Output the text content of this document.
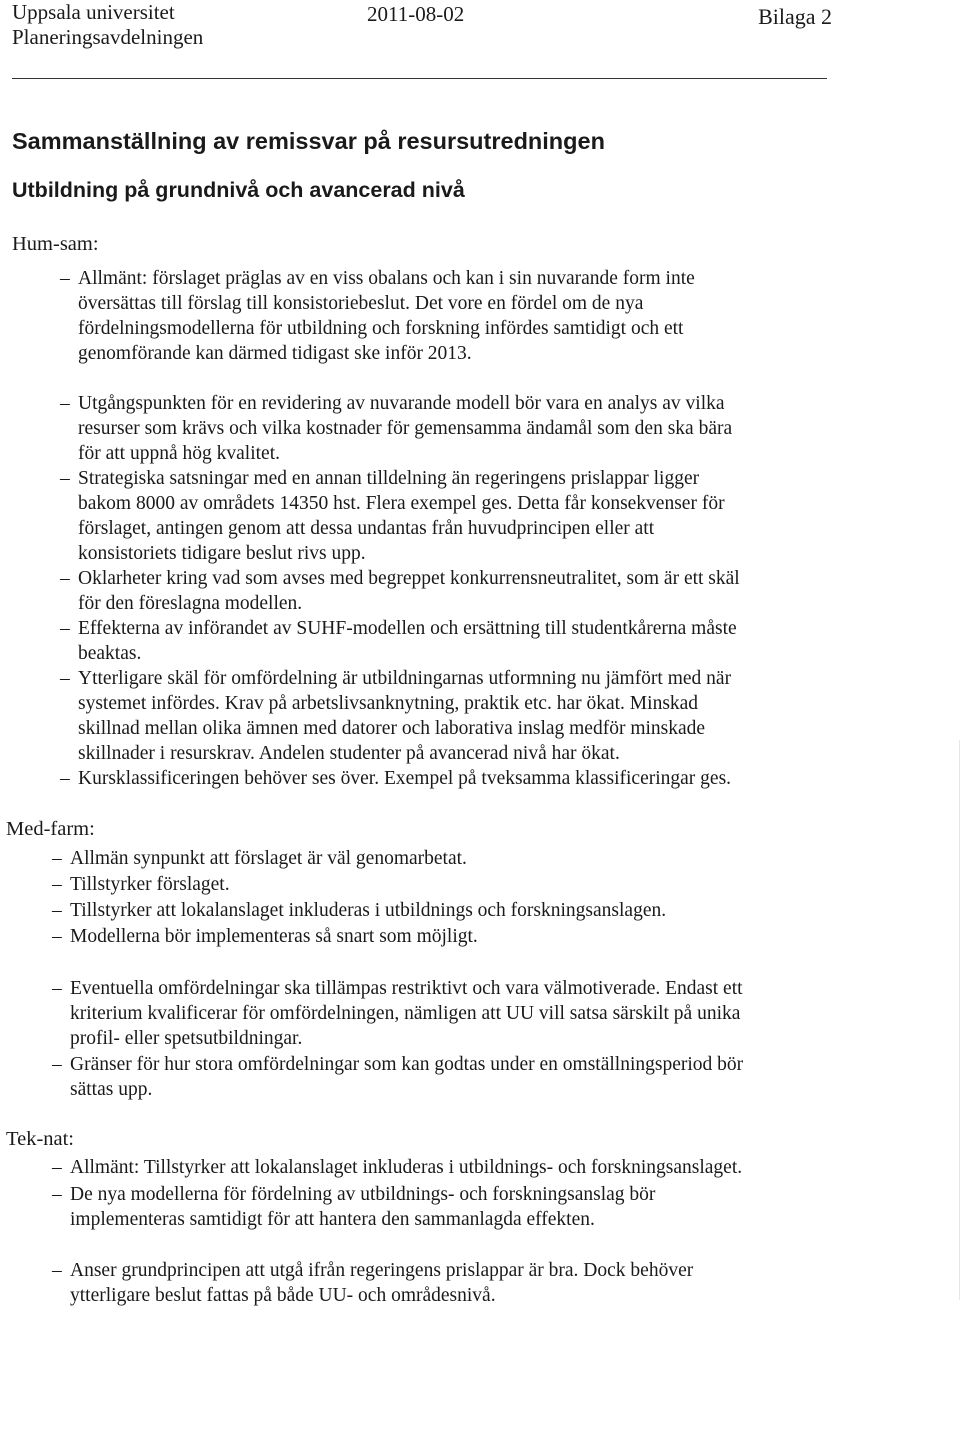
Uppsala universitet
Planeringsavdelningen
2011-08-02	Bilaga 2
Sammanställning av remissvar på resursutredningen
Utbildning på grundnivå och avancerad nivå
Hum-sam:
Med-farm:
Tek-nat:
– Allmänt: förslaget präglas av en viss obalans och kan i sin nuvarande form inte
översättas till förslag till konsistoriebeslut. Det vore en fördel om de nya
fördelningsmodellerna för utbildning och forskning infördes samtidigt och ett
genomförande kan därmed tidigast ske inför 2013.
– Utgångspunkten för en revidering av nuvarande modell bör vara en analys av vilka
resurser som krävs och vilka kostnader för gemensamma ändamål som den ska bära
för att uppnå hög kvalitet.
– Strategiska satsningar med en annan tilldelning än regeringens prislappar ligger
bakom 8000 av områdets 14350 hst. Flera exempel ges. Detta får konsekvenser för
förslaget, antingen genom att dessa undantas från huvudprincipen eller att
konsistoriets tidigare beslut rivs upp.
– Oklarheter kring vad som avses med begreppet konkurrensneutralitet, som är ett skäl
för den föreslagna modellen.
– Effekterna av införandet av SUHF-modellen och ersättning till studentkårerna måste
beaktas.
– Ytterligare skäl för omfördelning är utbildningarnas utformning nu jämfört med när
systemet infördes. Krav på arbetslivsanknytning, praktik etc. har ökat. Minskad
skillnad mellan olika ämnen med datorer och laborativa inslag medför minskade
skillnader i resurskrav. Andelen studenter på avancerad nivå har ökat.
– Kursklassificeringen behöver ses över. Exempel på tveksamma klassificeringar ges.
– Allmän synpunkt att förslaget är väl genomarbetat.
– Tillstyrker förslaget.
– Tillstyrker att lokalanslaget inkluderas i utbildnings och forskningsanslagen.
– Modellerna bör implementeras så snart som möjligt.
– Eventuella omfördelningar ska tillämpas restriktivt och vara välmotiverade. Endast ett
kriterium kvalificerar för omfördelningen, nämligen att UU vill satsa särskilt på unika
profil- eller spetsutbildningar.
– Gränser för hur stora omfördelningar som kan godtas under en omställningsperiod bör
sättas upp.
– Allmänt: Tillstyrker att lokalanslaget inkluderas i utbildnings- och forskningsanslaget.
– De nya modellerna för fördelning av utbildnings- och forskningsanslag bör
implementeras samtidigt för att hantera den sammanlagda effekten.
– Anser grundprincipen att utgå ifrån regeringens prislappar är bra. Dock behöver
ytterligare beslut fattas på både UU- och områdesnivå.
